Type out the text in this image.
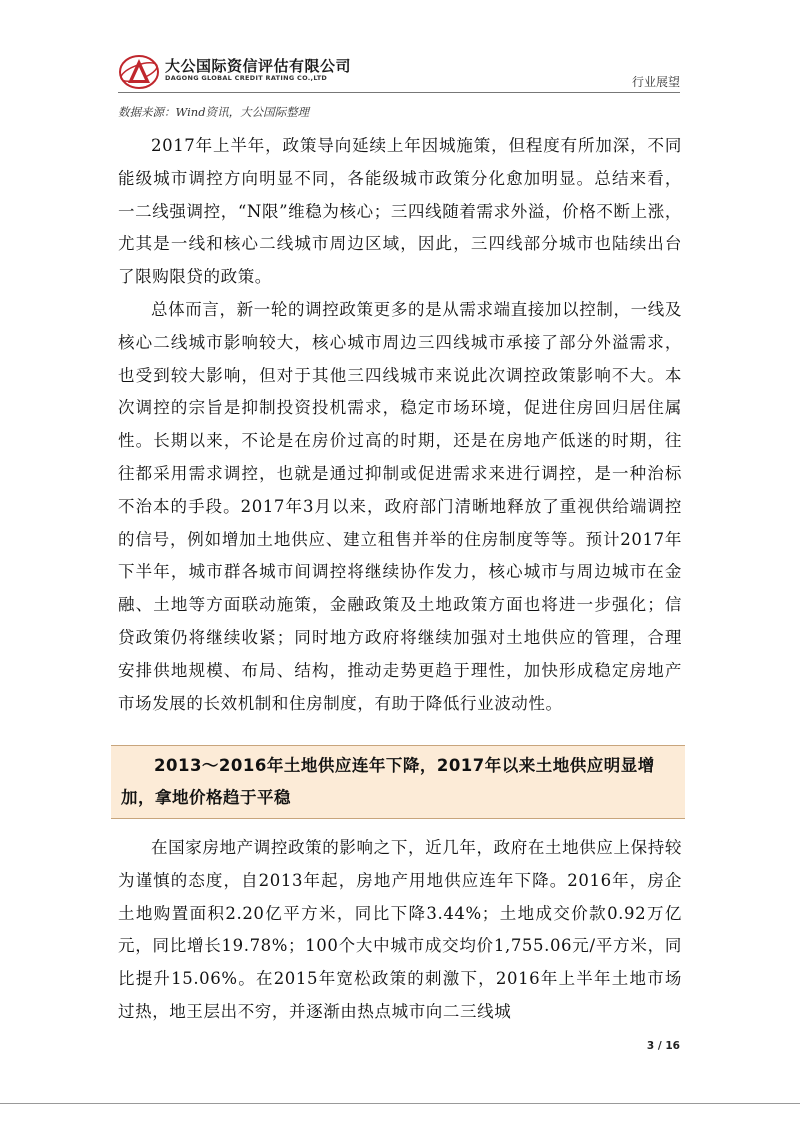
大公国际资信评估有限公司
DAGONG GLOBAL CREDIT RATING CO.,LTD	行业展望
数据来源：Wind资讯，大公国际整理

2017年上半年，政策导向延续上年因城施策，但程度有所加深，不同能级城市调控方向明显不同，各能级城市政策分化愈加明显。总结来看，一二线强调控，“N限”维稳为核心；三四线随着需求外溢，价格不断上涨，尤其是一线和核心二线城市周边区域，因此，三四线部分城市也陆续出台了限购限贷的政策。

总体而言，新一轮的调控政策更多的是从需求端直接加以控制，一线及核心二线城市影响较大，核心城市周边三四线城市承接了部分外溢需求，也受到较大影响，但对于其他三四线城市来说此次调控政策影响不大。本次调控的宗旨是抑制投资投机需求，稳定市场环境，促进住房回归居住属性。长期以来，不论是在房价过高的时期，还是在房地产低迷的时期，往往都采用需求调控，也就是通过抑制或促进需求来进行调控，是一种治标不治本的手段。2017年3月以来，政府部门清晰地释放了重视供给端调控的信号，例如增加土地供应、建立租售并举的住房制度等等。预计2017年下半年，城市群各城市间调控将继续协作发力，核心城市与周边城市在金融、土地等方面联动施策，金融政策及土地政策方面也将进一步强化；信贷政策仍将继续收紧；同时地方政府将继续加强对土地供应的管理，合理安排供地规模、布局、结构，推动走势更趋于理性，加快形成稳定房地产市场发展的长效机制和住房制度，有助于降低行业波动性。

2013～2016年土地供应连年下降，2017年以来土地供应明显增加，拿地价格趋于平稳

在国家房地产调控政策的影响之下，近几年，政府在土地供应上保持较为谨慎的态度，自2013年起，房地产用地供应连年下降。2016年，房企土地购置面积2.20亿平方米，同比下降3.44%；土地成交价款0.92万亿元，同比增长19.78%；100个大中城市成交均价1,755.06元/平方米，同比提升15.06%。在2015年宽松政策的刺激下，2016年上半年土地市场过热，地王层出不穷，并逐渐由热点城市向二三线城

3 / 16
